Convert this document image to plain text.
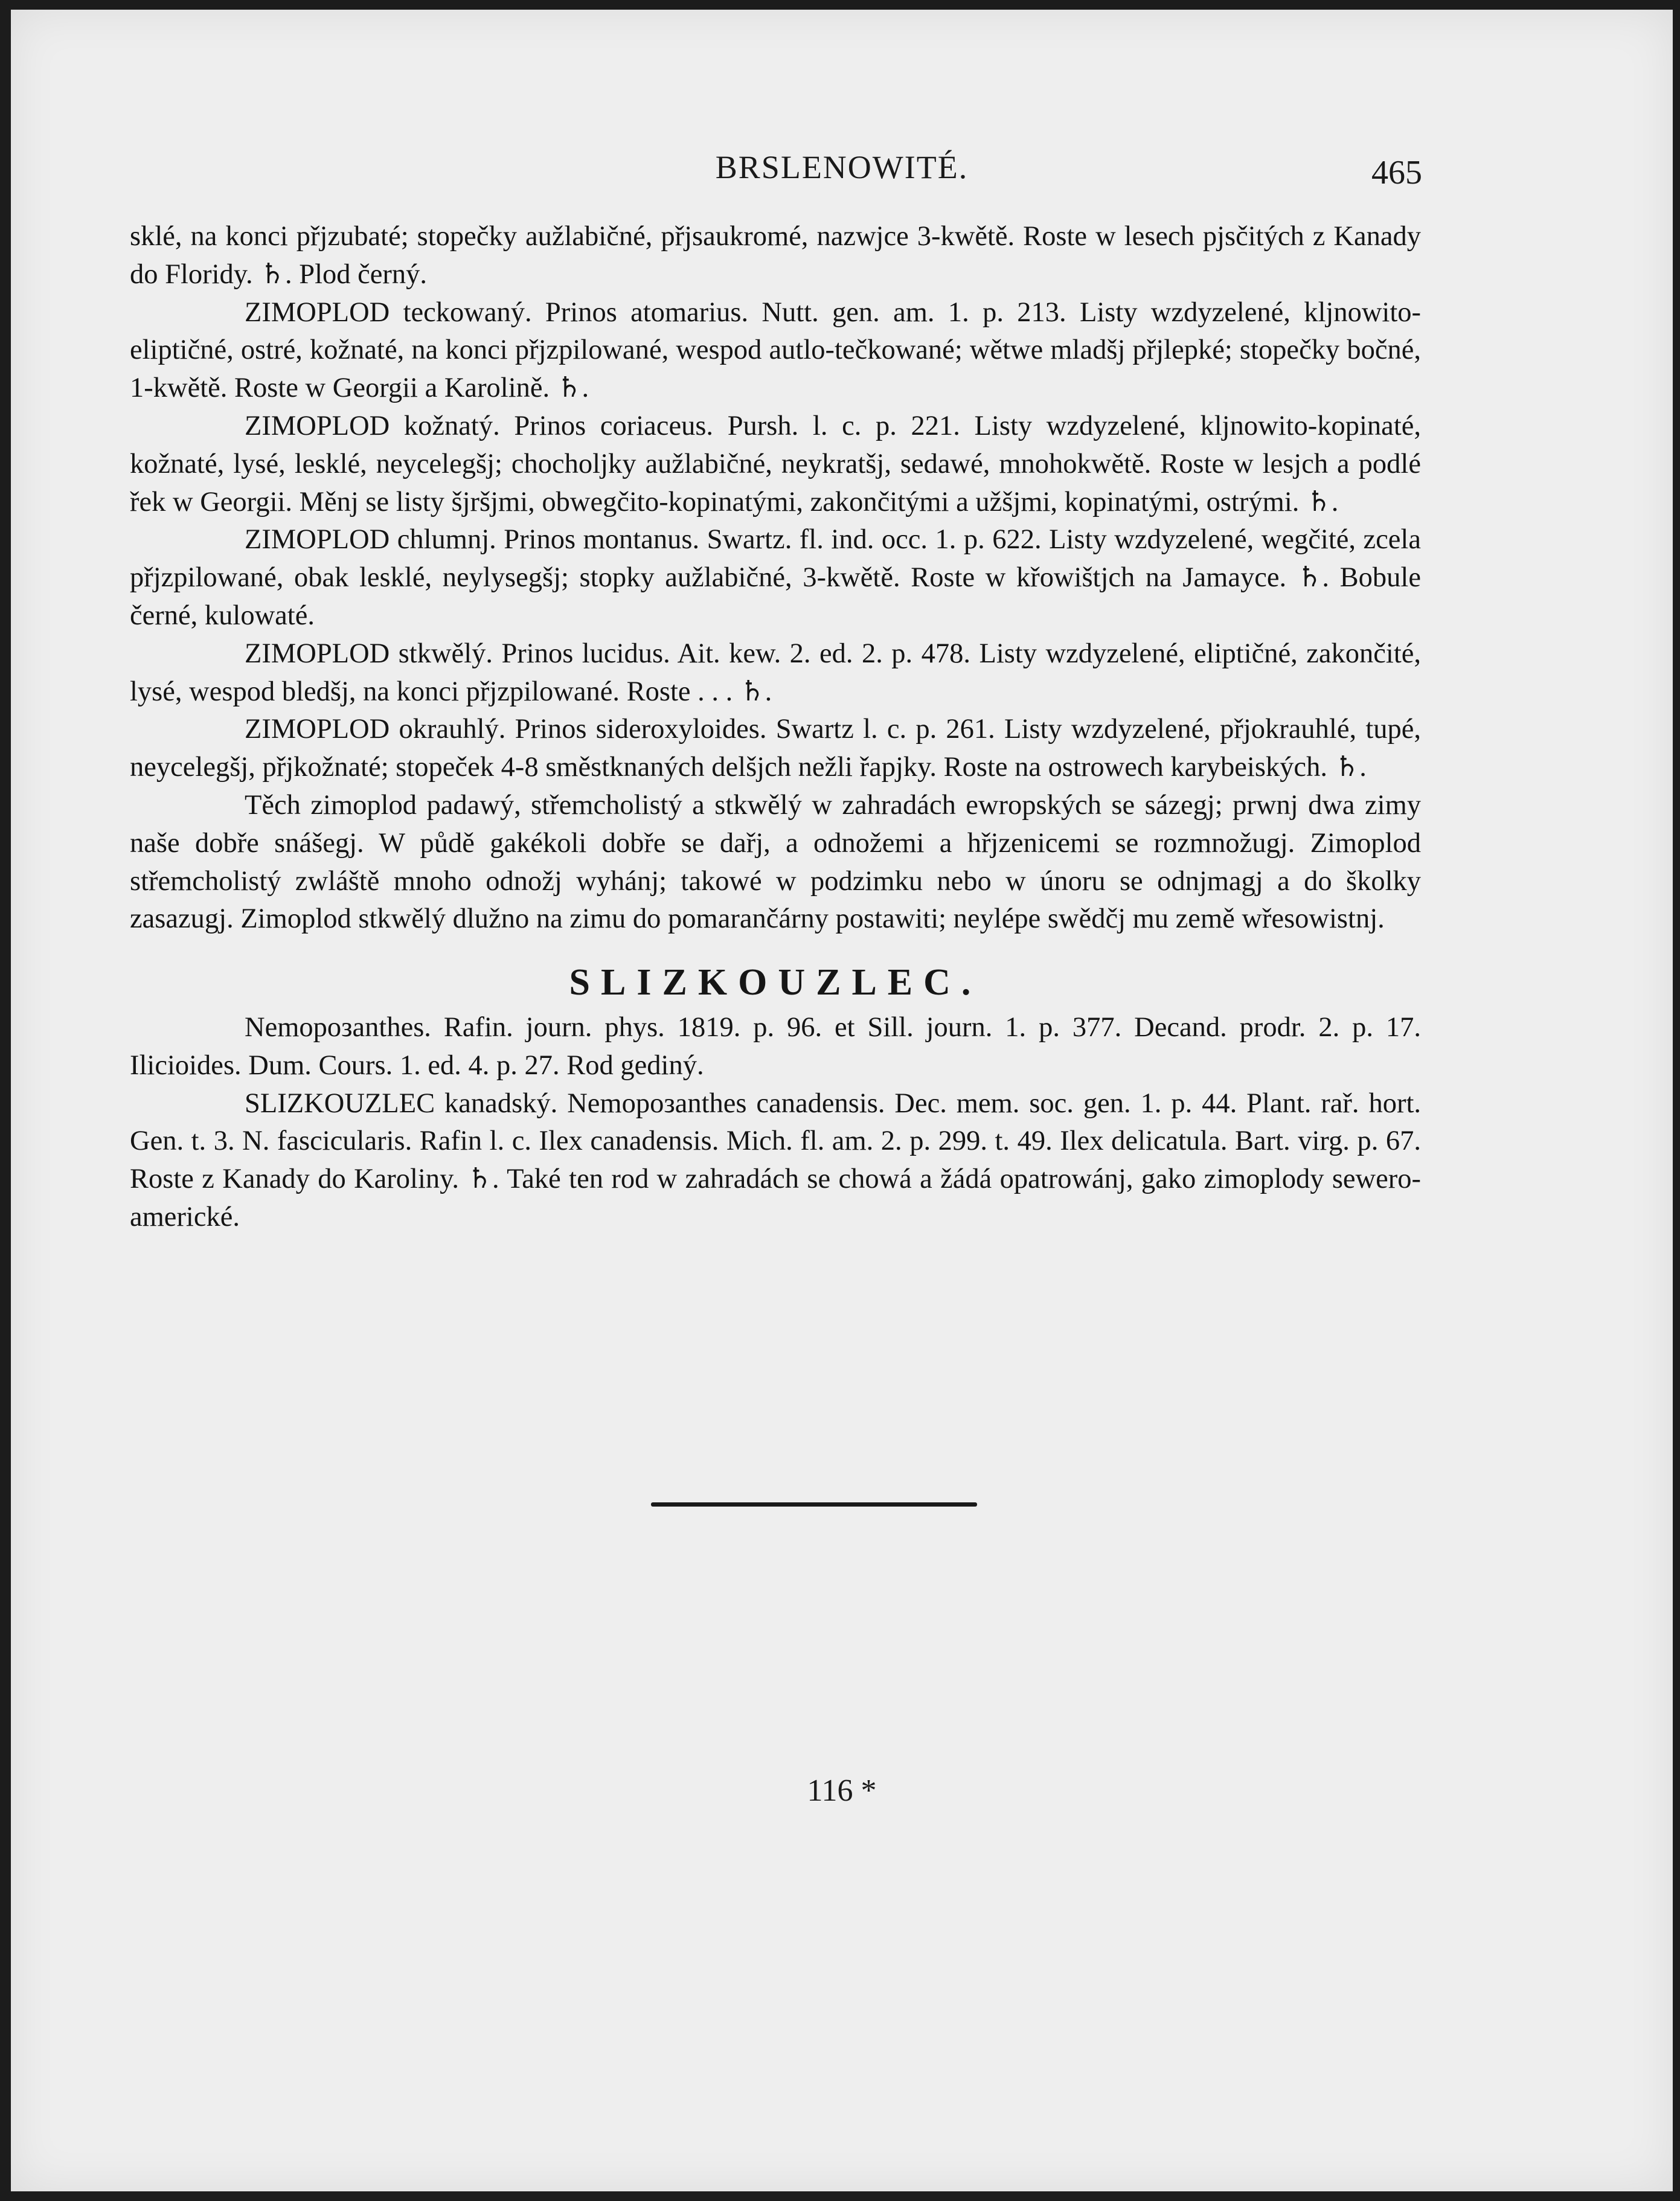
BRSLENOWITÉ.	465

sklé, na konci přjzubaté; stopečky aužlabičné, přjsaukromé, nazwjce 3-kwětě. Roste w lesech pjsčitých z Kanady do Floridy. ♄. Plod černý.

ZIMOPLOD teckowaný. Prinos atomarius. Nutt. gen. am. 1. p. 213. Listy wzdyzelené, kljnowito-eliptičné, ostré, kožnaté, na konci přjzpilowané, wespod autlo-tečkowané; wětwe mladšj přjlepké; stopečky bočné, 1-kwětě. Roste w Georgii a Karolině. ♄.

ZIMOPLOD kožnatý. Prinos coriaceus. Pursh. l. c. p. 221. Listy wzdyzelené, kljnowito-kopinaté, kožnaté, lysé, lesklé, neycelegšj; chocholjky aužlabičné, neykratšj, sedawé, mnohokwětě. Roste w lesjch a podlé řek w Georgii. Měnj se listy šjršjmi, obwegčito-kopinatými, zakončitými a užšjmi, kopinatými, ostrými. ♄.

ZIMOPLOD chlumnj. Prinos montanus. Swartz. fl. ind. occ. 1. p. 622. Listy wzdyzelené, wegčité, zcela přjzpilowané, obak lesklé, neylysegšj; stopky aužlabičné, 3-kwětě. Roste w křowištjch na Jamayce. ♄. Bobule černé, kulowaté.

ZIMOPLOD stkwělý. Prinos lucidus. Ait. kew. 2. ed. 2. p. 478. Listy wzdyzelené, eliptičné, zakončité, lysé, wespod bledšj, na konci přjzpilowané. Roste . . . ♄.

ZIMOPLOD okrauhlý. Prinos sideroxyloides. Swartz l. c. p. 261. Listy wzdyzelené, přjokrauhlé, tupé, neycelegšj, přjkožnaté; stopeček 4-8 směstknaných delšjch nežli řapjky. Roste na ostrowech karybeiských. ♄.

Těch zimoplod padawý, střemcholistý a stkwělý w zahradách ewropských se sázegj; prwnj dwa zimy naše dobře snášegj. W půdě gakékoli dobře se dařj, a odnožemi a hřjzenicemi se rozmnožugj. Zimoplod střemcholistý zwláště mnoho odnožj wyhánj; takowé w podzimku nebo w únoru se odnjmagj a do školky zasazugj. Zimoplod stkwělý dlužno na zimu do pomarančárny postawiti; neylépe swědčj mu země wřesowistnj.

SLIZKOUZLEC.

Nemopoзanthes. Rafin. journ. phys. 1819. p. 96. et Sill. journ. 1. p. 377. Decand. prodr. 2. p. 17. Ilicioides. Dum. Cours. 1. ed. 4. p. 27. Rod gediný.

SLIZKOUZLEC kanadský. Nemopoзanthes canadensis. Dec. mem. soc. gen. 1. p. 44. Plant. rař. hort. Gen. t. 3. N. fascicularis. Rafin l. c. Ilex canadensis. Mich. fl. am. 2. p. 299. t. 49. Ilex delicatula. Bart. virg. p. 67. Roste z Kanady do Karoliny. ♄. Také ten rod w zahradách se chowá a žádá opatrowánj, gako zimoplody sewero-americké.

116 *
